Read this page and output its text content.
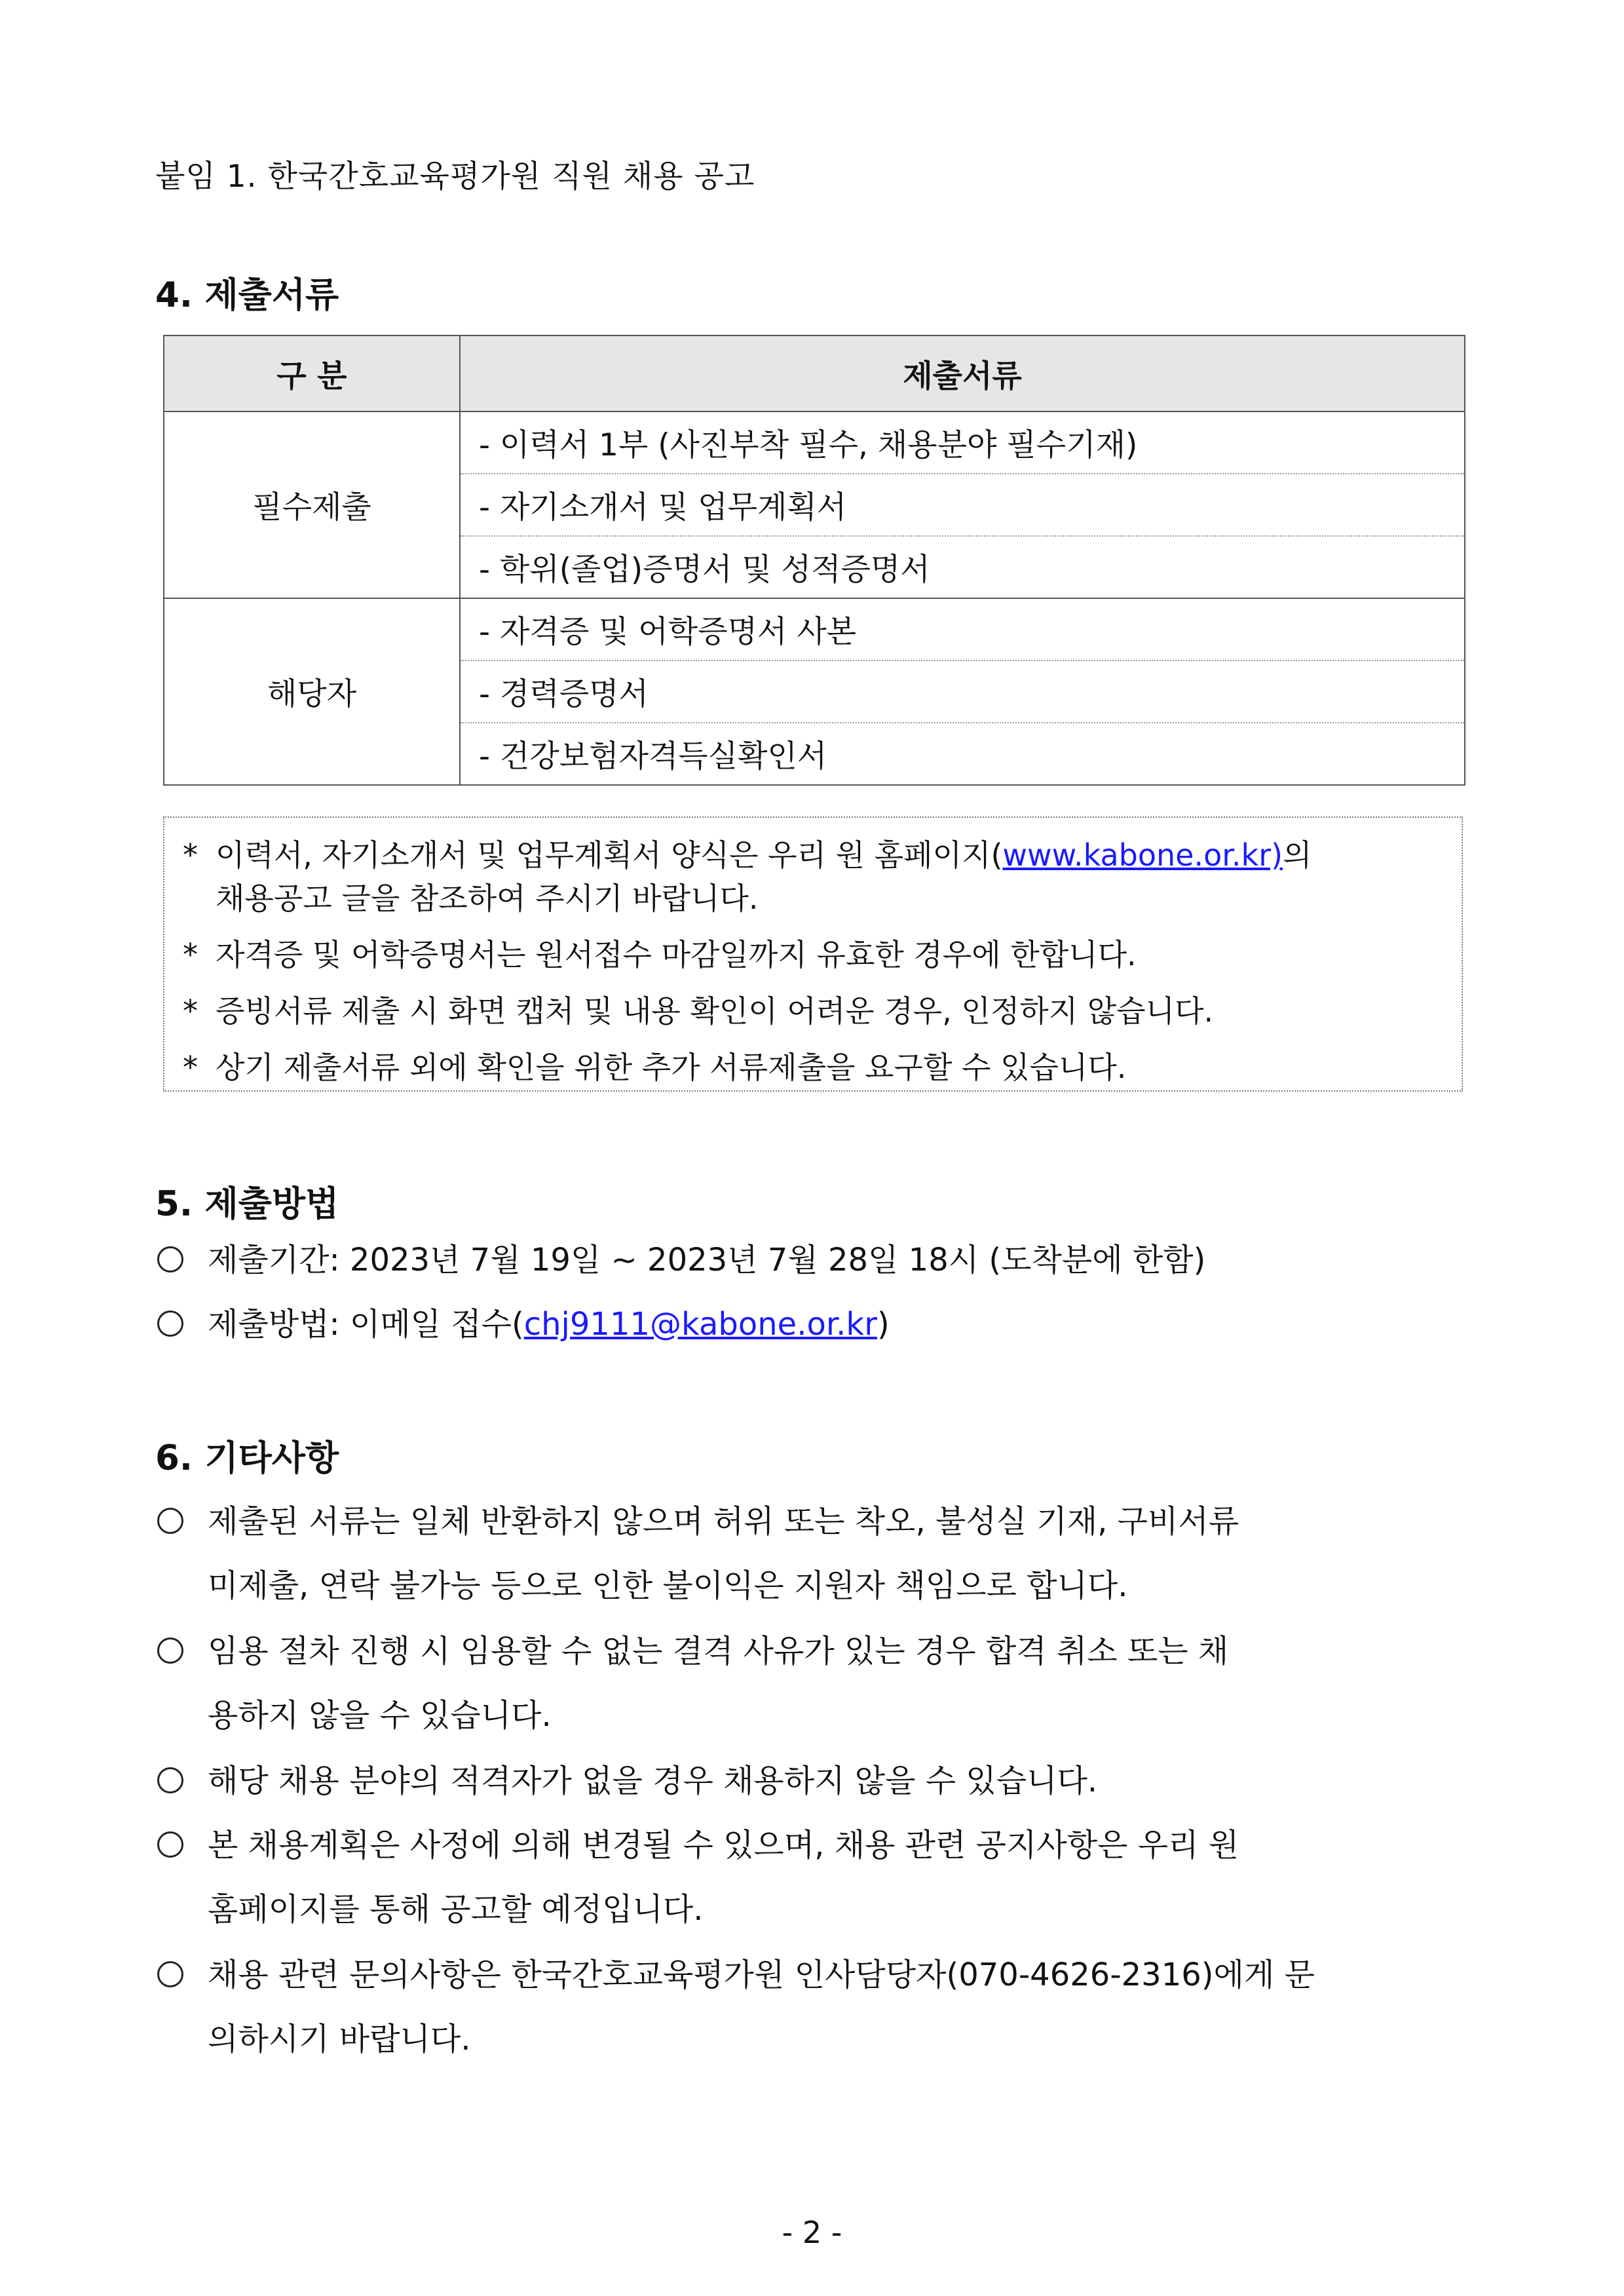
붙임 1. 한국간호교육평가원 직원 채용 공고
4. 제출서류
구 분	제출서류
필수제출	- 이력서 1부 (사진부착 필수, 채용분야 필수기재)
	- 자기소개서 및 업무계획서
	- 학위(졸업)증명서 및 성적증명서
해당자	- 자격증 및 어학증명서 사본
	- 경력증명서
	- 건강보험자격득실확인서
* 이력서, 자기소개서 및 업무계획서 양식은 우리 원 홈페이지(www.kabone.or.kr)의
채용공고 글을 참조하여 주시기 바랍니다.
* 자격증 및 어학증명서는 원서접수 마감일까지 유효한 경우에 한합니다.
* 증빙서류 제출 시 화면 캡처 및 내용 확인이 어려운 경우, 인정하지 않습니다.
* 상기 제출서류 외에 확인을 위한 추가 서류제출을 요구할 수 있습니다.
5. 제출방법
제출기간: 2023년 7월 19일 ~ 2023년 7월 28일 18시 (도착분에 한함)
제출방법: 이메일 접수(chj9111@kabone.or.kr)
6. 기타사항
제출된 서류는 일체 반환하지 않으며 허위 또는 착오, 불성실 기재, 구비서류
미제출, 연락 불가능 등으로 인한 불이익은 지원자 책임으로 합니다.
임용 절차 진행 시 임용할 수 없는 결격 사유가 있는 경우 합격 취소 또는 채
용하지 않을 수 있습니다.
해당 채용 분야의 적격자가 없을 경우 채용하지 않을 수 있습니다.
본 채용계획은 사정에 의해 변경될 수 있으며, 채용 관련 공지사항은 우리 원
홈페이지를 통해 공고할 예정입니다.
채용 관련 문의사항은 한국간호교육평가원 인사담당자(070-4626-2316)에게 문
의하시기 바랍니다.
- 2 -
